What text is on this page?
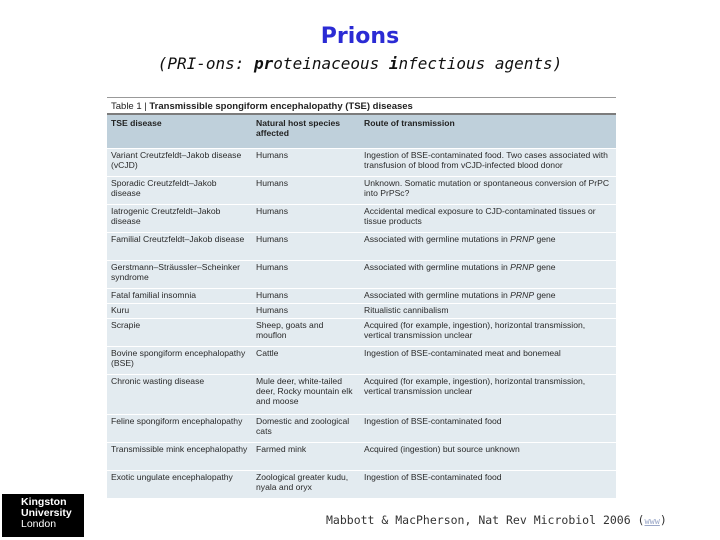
Prions
(PRI-ons: proteinaceous infectious agents)
Table 1 | Transmissible spongiform encephalopathy (TSE) diseases
TSE disease	Natural host species affected	Route of transmission
Variant Creutzfeldt–Jakob disease (vCJD)	Humans	Ingestion of BSE-contaminated food. Two cases associated with transfusion of blood from vCJD-infected blood donor
Sporadic Creutzfeldt–Jakob disease	Humans	Unknown. Somatic mutation or spontaneous conversion of PrPC into PrPSc?
Iatrogenic Creutzfeldt–Jakob disease	Humans	Accidental medical exposure to CJD-contaminated tissues or tissue products
Familial Creutzfeldt–Jakob disease	Humans	Associated with germline mutations in PRNP gene
Gerstmann–Sträussler–Scheinker syndrome	Humans	Associated with germline mutations in PRNP gene
Fatal familial insomnia	Humans	Associated with germline mutations in PRNP gene
Kuru	Humans	Ritualistic cannibalism
Scrapie	Sheep, goats and mouflon	Acquired (for example, ingestion), horizontal transmission, vertical transmission unclear
Bovine spongiform encephalopathy (BSE)	Cattle	Ingestion of BSE-contaminated meat and bonemeal
Chronic wasting disease	Mule deer, white-tailed deer, Rocky mountain elk and moose	Acquired (for example, ingestion), horizontal transmission, vertical transmission unclear
Feline spongiform encephalopathy	Domestic and zoological cats	Ingestion of BSE-contaminated food
Transmissible mink encephalopathy	Farmed mink	Acquired (ingestion) but source unknown
Exotic ungulate encephalopathy	Zoological greater kudu, nyala and oryx	Ingestion of BSE-contaminated food
Kingston
University
London	Mabbott & MacPherson, Nat Rev Microbiol 2006 (www)
